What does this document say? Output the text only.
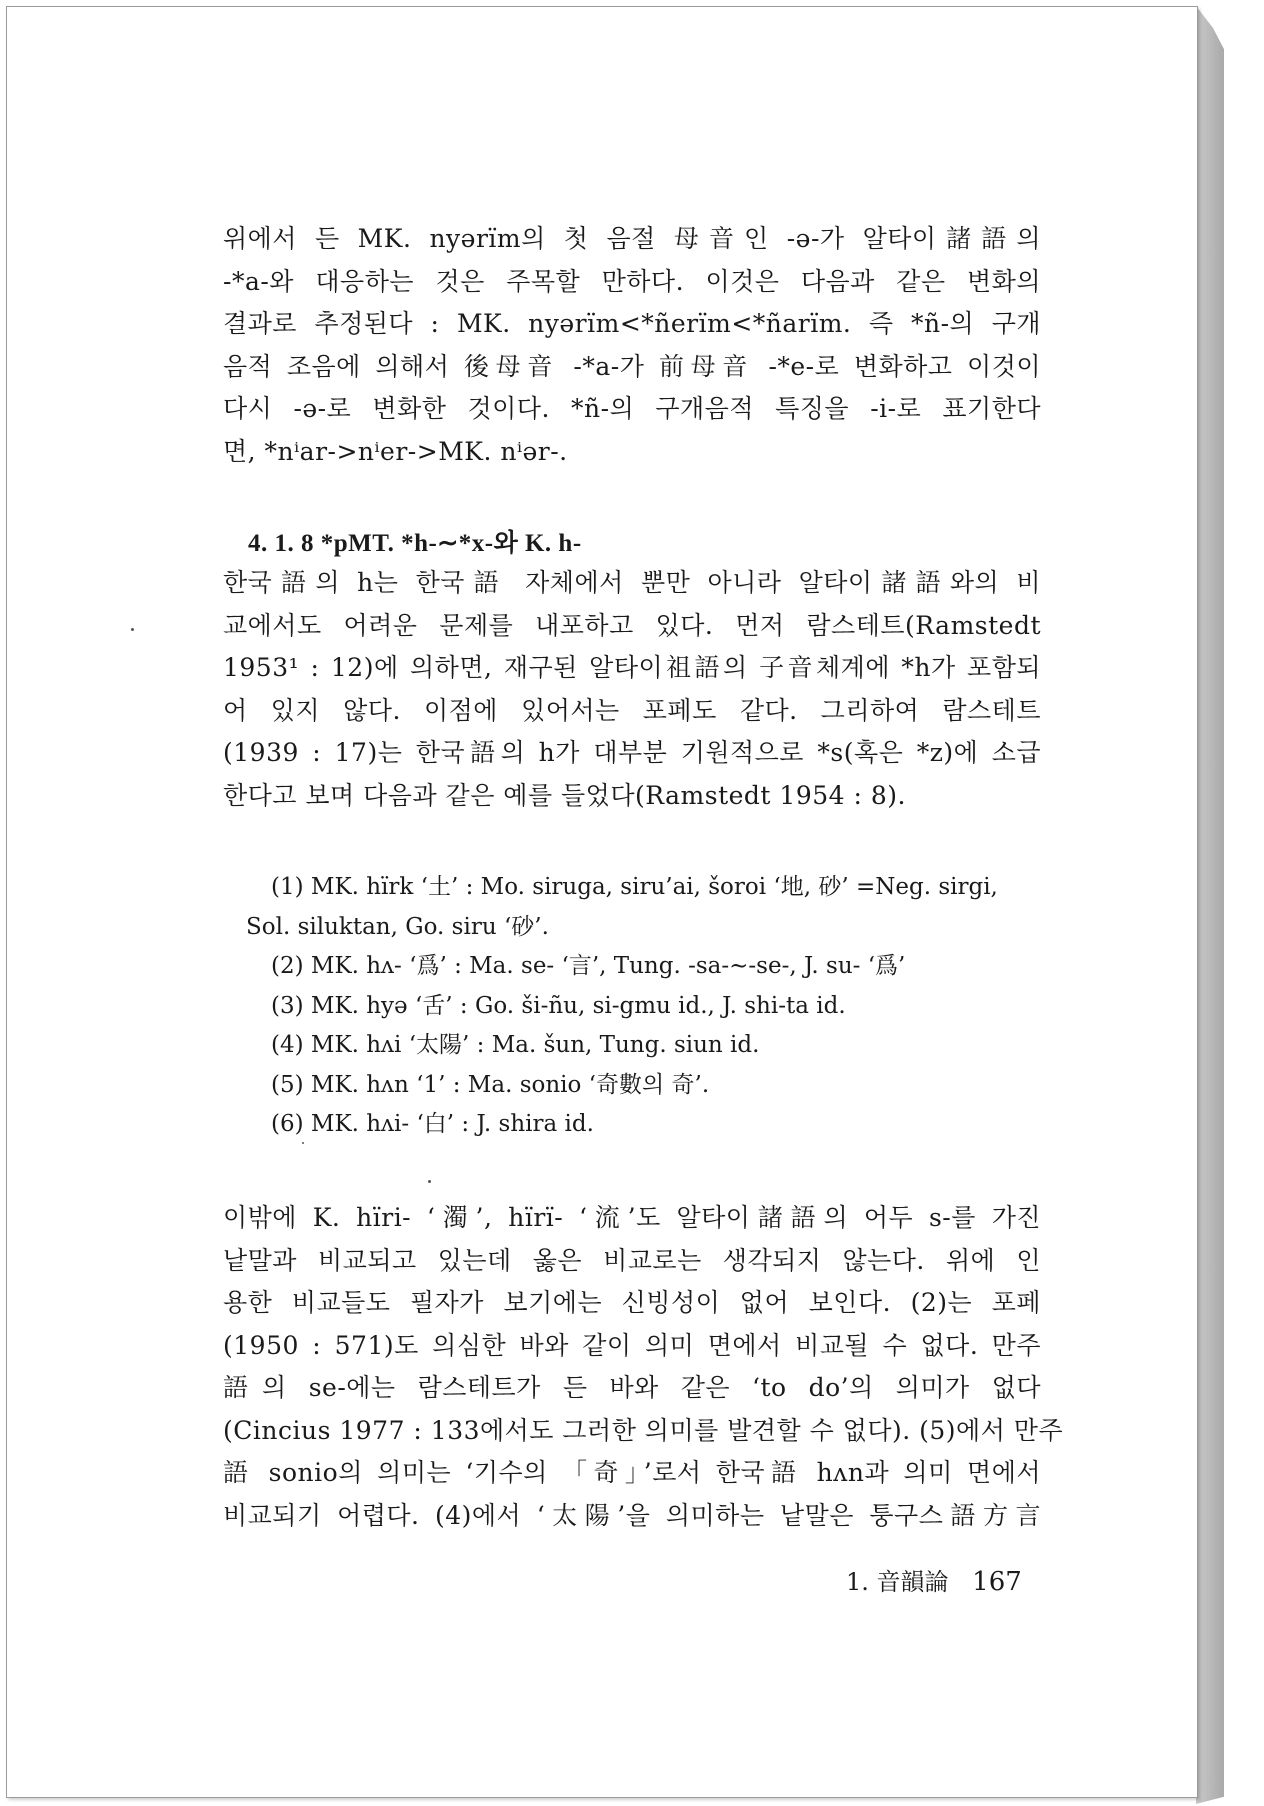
위에서 든 MK. nyərïm의 첫 음절 母音인 -ə-가 알타이諸語의
-*a-와 대응하는 것은 주목할 만하다. 이것은 다음과 같은 변화의
결과로 추정된다 : MK. nyərïm<*ñerïm<*ñarïm. 즉 *ñ-의 구개
음적 조음에 의해서 後母音 -*a-가 前母音 -*e-로 변화하고 이것이
다시 -ə-로 변화한 것이다. *ñ-의 구개음적 특징을 -i-로 표기한다
면, *nⁱar->nⁱer->MK. nⁱər-.
4. 1. 8 *pMT. *h-∼*x-와 K. h-
한국語의 h는 한국語 자체에서 뿐만 아니라 알타이諸語와의 비
교에서도 어려운 문제를 내포하고 있다. 먼저 람스테트(Ramstedt
1953¹ : 12)에 의하면, 재구된 알타이祖語의 子音체계에 *h가 포함되
어 있지 않다. 이점에 있어서는 포페도 같다. 그리하여 람스테트
(1939 : 17)는 한국語의 h가 대부분 기원적으로 *s(혹은 *z)에 소급
한다고 보며 다음과 같은 예를 들었다(Ramstedt 1954 : 8).
(1) MK. hïrk ‘土’ : Mo. siruga, siru’ai, šoroi ‘地, 砂’ =Neg. sirgi,
Sol. siluktan, Go. siru ‘砂’.
(2) MK. hʌ- ‘爲’ : Ma. se- ‘言’, Tung. -sa-∼-se-, J. su- ‘爲’
(3) MK. hyə ‘舌’ : Go. ši-ñu, si-gmu id., J. shi-ta id.
(4) MK. hʌi ‘太陽’ : Ma. šun, Tung. siun id.
(5) MK. hʌn ‘1’ : Ma. sonio ‘奇數의 奇’.
(6) MK. hʌi- ‘白’ : J. shira id.
이밖에 K. hïri- ‘濁’, hïrï- ‘流’도 알타이諸語의 어두 s-를 가진
낱말과 비교되고 있는데 옳은 비교로는 생각되지 않는다. 위에 인
용한 비교들도 필자가 보기에는 신빙성이 없어 보인다. (2)는 포페
(1950 : 571)도 의심한 바와 같이 의미 면에서 비교될 수 없다. 만주
語의 se-에는 람스테트가 든 바와 같은 ‘to do’의 의미가 없다
(Cincius 1977 : 133에서도 그러한 의미를 발견할 수 없다). (5)에서 만주
語 sonio의 의미는 ‘기수의 「奇」’로서 한국語 hʌn과 의미 면에서
비교되기 어렵다. (4)에서 ‘太陽’을 의미하는 낱말은 퉁구스語方言
1. 音韻論 167
